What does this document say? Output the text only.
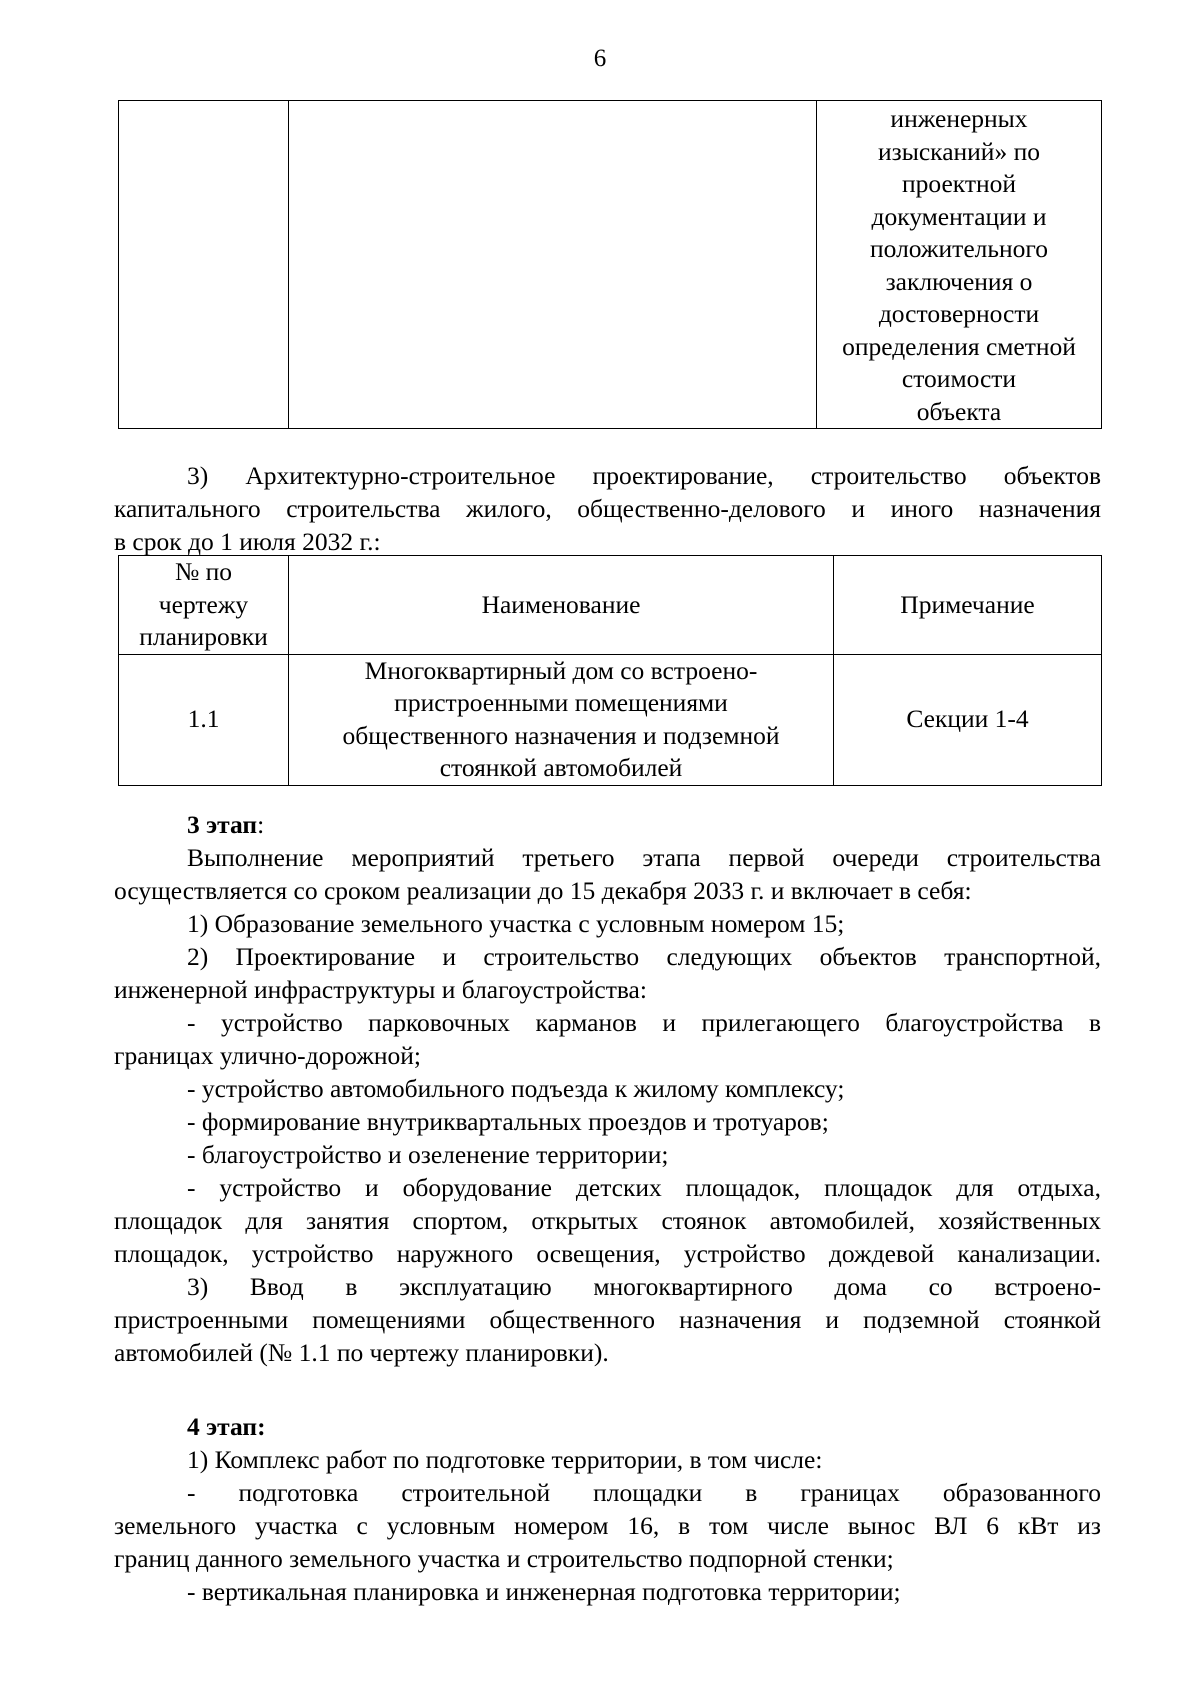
6

инженерных
изысканий» по
проектной
документации и
положительного
заключения о
достоверности
определения сметной
стоимости
объекта

3) Архитектурно-строительное проектирование, строительство объектов

капитального строительства жилого, общественно-делового и иного назначения

в срок до 1 июля 2032 г.:

№ по
чертежу
планировки	Наименование	Примечание
1.1	Многоквартирный дом со встроено-
пристроенными помещениями
общественного назначения и подземной
стоянкой автомобилей	Секции 1-4

3 этап:

Выполнение мероприятий третьего этапа первой очереди строительства

осуществляется со сроком реализации до 15 декабря 2033 г. и включает в себя:

1) Образование земельного участка с условным номером 15;

2) Проектирование и строительство следующих объектов транспортной,

инженерной инфраструктуры и благоустройства:

- устройство парковочных карманов и прилегающего благоустройства в

границах улично-дорожной;

- устройство автомобильного подъезда к жилому комплексу;

- формирование внутриквартальных проездов и тротуаров;

- благоустройство и озеленение территории;

- устройство и оборудование детских площадок, площадок для отдыха,

площадок для занятия спортом, открытых стоянок автомобилей, хозяйственных

площадок, устройство наружного освещения, устройство дождевой канализации.

3) Ввод в эксплуатацию многоквартирного дома со встроено-

пристроенными помещениями общественного назначения и подземной стоянкой

автомобилей (№ 1.1 по чертежу планировки).

4 этап:

1) Комплекс работ по подготовке территории, в том числе:

- подготовка строительной площадки в границах образованного

земельного участка с условным номером 16, в том числе вынос ВЛ 6 кВт из

границ данного земельного участка и строительство подпорной стенки;

- вертикальная планировка и инженерная подготовка территории;
